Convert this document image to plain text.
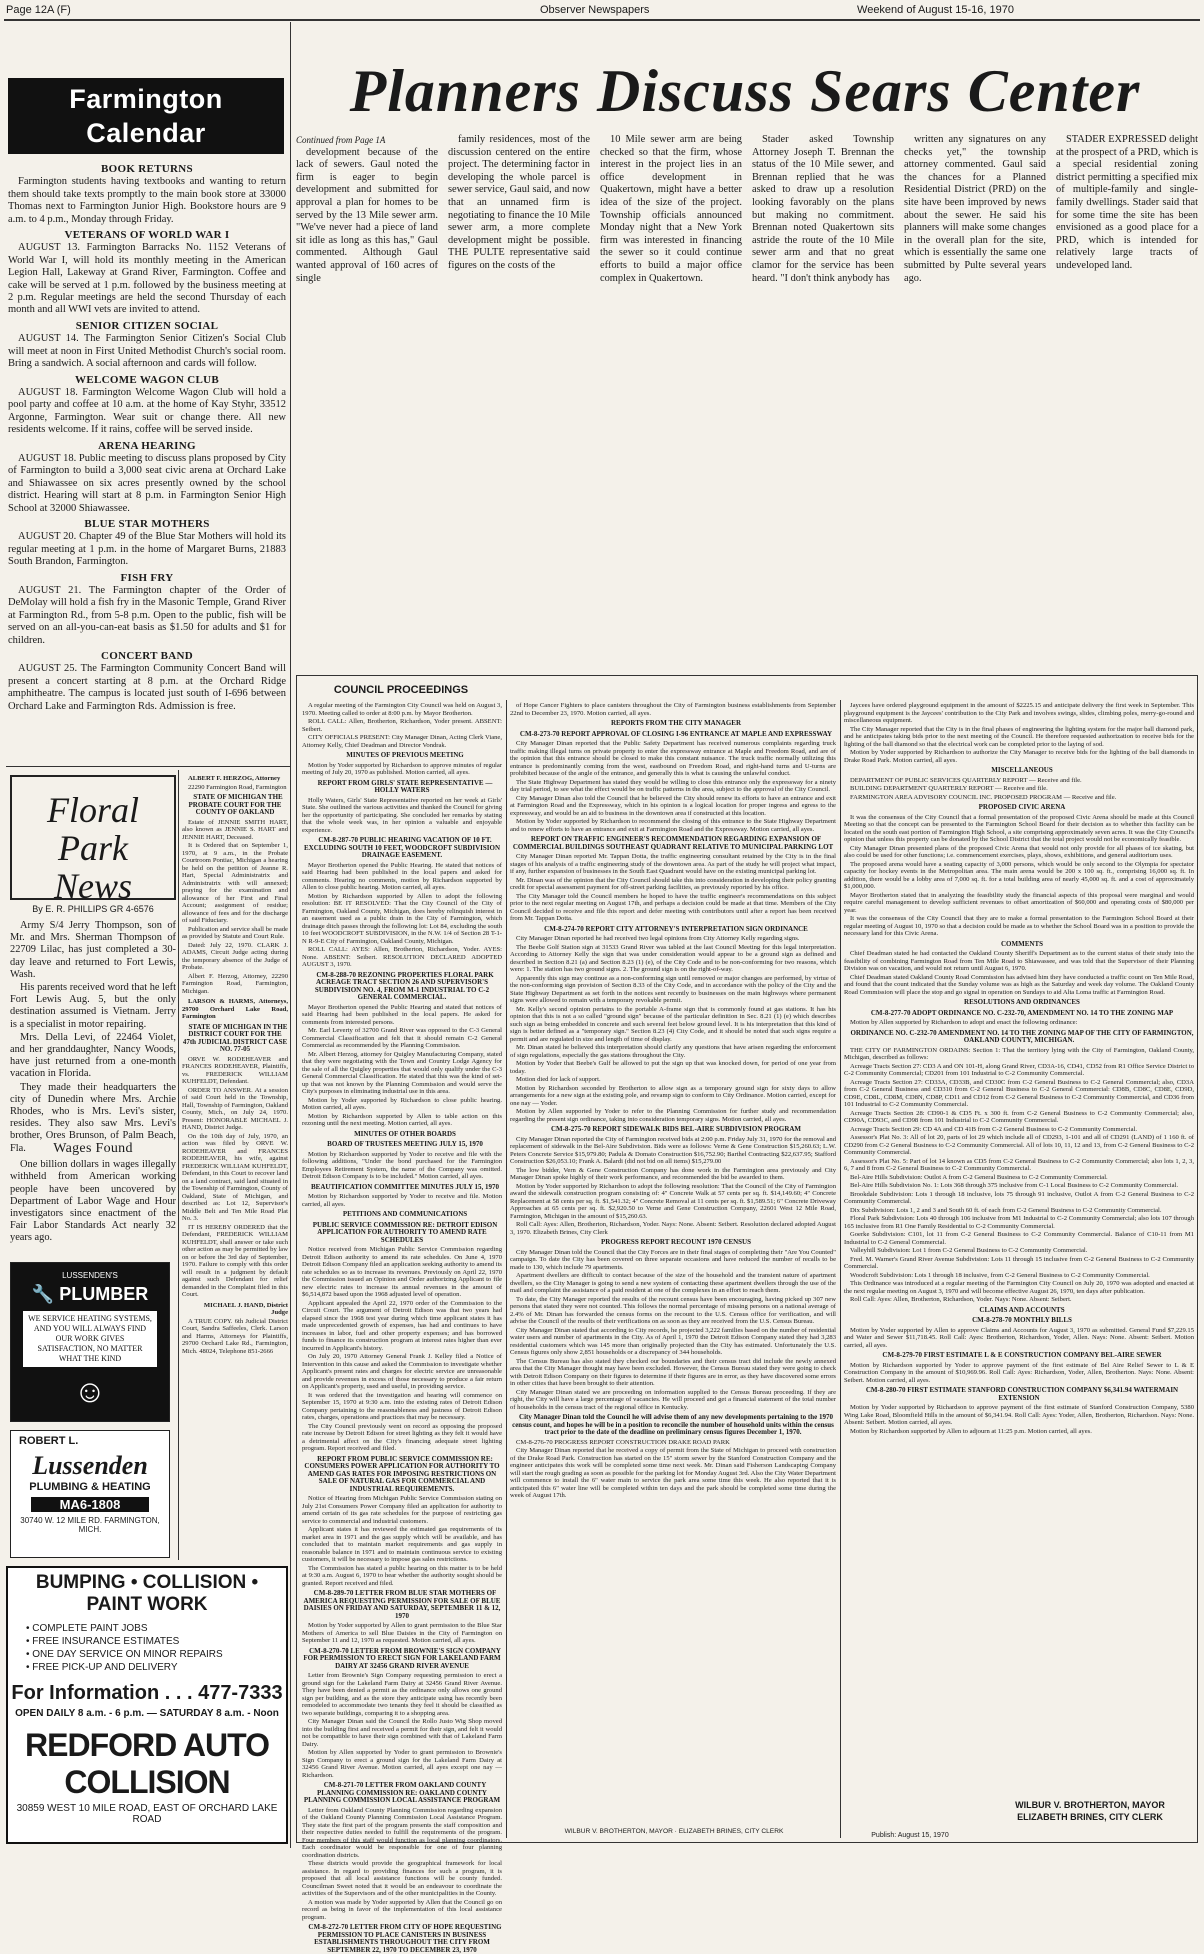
Page 12A (F)	Observer Newspapers	Weekend of August 15-16, 1970
Farmington
Calendar
BOOK RETURNS

Farmington students having textbooks and wanting to return them should take texts promptly to the main book store at 33000 Thomas next to Farmington Junior High. Bookstore hours are 9 a.m. to 4 p.m., Monday through Friday.

VETERANS OF WORLD WAR I

AUGUST 13. Farmington Barracks No. 1152 Veterans of World War I, will hold its monthly meeting in the American Legion Hall, Lakeway at Grand River, Farmington. Coffee and cake will be served at 1 p.m. followed by the business meeting at 2 p.m. Regular meetings are held the second Thursday of each month and all WWI vets are invited to attend.

SENIOR CITIZEN SOCIAL

AUGUST 14. The Farmington Senior Citizen's Social Club will meet at noon in First United Methodist Church's social room. Bring a sandwich. A social afternoon and cards will follow.

WELCOME WAGON CLUB

AUGUST 18. Farmington Welcome Wagon Club will hold a pool party and coffee at 10 a.m. at the home of Kay Styhr, 33512 Argonne, Farmington. Wear suit or change there. All new residents welcome. If it rains, coffee will be served inside.

ARENA HEARING

AUGUST 18. Public meeting to discuss plans proposed by City of Farmington to build a 3,000 seat civic arena at Orchard Lake and Shiawassee on six acres presently owned by the school district. Hearing will start at 8 p.m. in Farmington Senior High School at 32000 Shiawassee.

BLUE STAR MOTHERS

AUGUST 20. Chapter 49 of the Blue Star Mothers will hold its regular meeting at 1 p.m. in the home of Margaret Burns, 21883 South Brandon, Farmington.

FISH FRY

AUGUST 21. The Farmington chapter of the Order of DeMolay will hold a fish fry in the Masonic Temple, Grand River at Farmington Rd., from 5-8 p.m. Open to the public, fish will be served on an all-you-can-eat basis as $1.50 for adults and $1 for children.

CONCERT BAND

AUGUST 25. The Farmington Community Concert Band will present a concert starting at 8 p.m. at the Orchard Ridge amphitheatre. The campus is located just south of I-696 between Orchard Lake and Farmington Rds. Admission is free.

Floral Park
News
By E. R. PHILLIPS GR 4-6576

Army S/4 Jerry Thompson, son of Mr. and Mrs. Sherman Thompson of 22709 Lilac, has just completed a 30-day leave and returned to Fort Lewis, Wash.

His parents received word that he left Fort Lewis Aug. 5, but the only destination assumed is Vietnam. Jerry is a specialist in motor repairing.

Mrs. Della Levi, of 22464 Violet, and her granddaughter, Nancy Woods, have just returned from a one-month vacation in Florida.

They made their headquarters the city of Dunedin where Mrs. Archie Rhodes, who is Mrs. Levi's sister, resides. They also saw Mrs. Levi's brother, Ores Brunson, of Palm Beach, Fla.	Wages Found

One billion dollars in wages illegally withheld from American working people have been uncovered by Department of Labor Wage and Hour investigators since enactment of the Fair Labor Standards Act nearly 32 years ago.

ALBERT F. HERZOG, Attorney

22290 Farmington Road, Farmington

STATE OF MICHIGAN THE PROBATE COURT FOR THE COUNTY OF OAKLAND

Estate of JENNIE SMITH HART, also known as JENNIE S. HART and JENNIE HART, Deceased.

It is Ordered that on September 1, 1970, at 9 a.m., in the Probate Courtroom Pontiac, Michigan a hearing be held on the petition of Jeanne R. Hart, Special Administratrix and Administratrix with will annexed; praying for the examination and allowance of her First and Final Account; assignment of residue; allowance of fees and for the discharge of said Fiduciary.

Publication and service shall be made as provided by Statute and Court Rule.

Dated: July 22, 1970. CLARK J. ADAMS, Circuit Judge acting during the temporary absence of the Judge of Probate.

Albert F. Herzog, Attorney, 22290 Farmington Road, Farmington, Michigan.

LARSON & HARMS, Attorneys, 29700 Orchard Lake Road, Farmington

STATE OF MICHIGAN IN THE DISTRICT COURT FOR THE 47th JUDICIAL DISTRICT CASE NO. 77-05

ORVE W. RODEHEAVER and FRANCES RODEHEAVER, Plaintiffs, vs. FREDERICK WILLIAM KUHFELDT, Defendant.

ORDER TO ANSWER. At a session of said Court held in the Township, Hall, Township of Farmington, Oakland County, Mich., on July 24, 1970. Present: HONORABLE MICHAEL J. HAND, District Judge.

On the 10th day of July, 1970, an action was filed by ORVE W. RODEHEAVER and FRANCES RODEHEAVER, his wife, against FREDERICK WILLIAM KUHFELDT, Defendant, in this Court to recover land on a land contract, said land situated in the Township of Farmington, County of Oakland, State of Michigan, and described as: Lot 12, Supervisor's Middle Belt and Ten Mile Road Plat No. 3.

IT IS HEREBY ORDERED that the Defendant, FREDERICK WILLIAM KUHFELDT, shall answer or take such other action as may be permitted by law on or before the 3rd day of September, 1970. Failure to comply with this order will result in a judgment by default against such Defendant for relief demanded in the Complaint filed in this Court.

MICHAEL J. HAND, District Judge

A TRUE COPY. 6th Judicial District Court, Sandra Saffeeles, Clerk. Larson and Harms, Attorneys for Plaintiffs, 29700 Orchard Lake Rd., Farmington, Mich. 48024, Telephone 851-2666

LUSSENDEN'S
🔧 PLUMBER
WE SERVICE HEATING SYSTEMS, AND YOU WILL ALWAYS FIND OUR WORK GIVES SATISFACTION, NO MATTER WHAT THE KIND
☺
ROBERT L.
Lussenden
PLUMBING & HEATING
MA6-1808
30740 W. 12 MILE RD. FARMINGTON, MICH.
BUMPING • COLLISION • PAINT WORK
• COMPLETE PAINT JOBS
• FREE INSURANCE ESTIMATES
• ONE DAY SERVICE ON MINOR REPAIRS
• FREE PICK-UP AND DELIVERY
For Information . . . 477-7333
OPEN DAILY 8 a.m. - 6 p.m. — SATURDAY 8 a.m. - Noon
REDFORD AUTO COLLISION
30859 WEST 10 MILE ROAD, EAST OF ORCHARD LAKE ROAD
Planners Discuss Sears Center
Continued from Page 1A

development because of the lack of sewers. Gaul noted the firm is eager to begin development and submitted for approval a plan for homes to be served by the 13 Mile sewer arm. "We've never had a piece of land sit idle as long as this has," Gaul commented. Although Gaul wanted approval of 160 acres of single

family residences, most of the discussion centered on the entire project. The determining factor in developing the whole parcel is sewer service, Gaul said, and now that an unnamed firm is negotiating to finance the 10 Mile sewer arm, a more complete development might be possible. THE PULTE representative said figures on the costs of the

10 Mile sewer arm are being checked so that the firm, whose interest in the project lies in an office development in Quakertown, might have a better idea of the size of the project. Township officials announced Monday night that a New York firm was interested in financing the sewer so it could continue efforts to build a major office complex in Quakertown.

Stader asked Township Attorney Joseph T. Brennan the status of the 10 Mile sewer, and Brennan replied that he was asked to draw up a resolution looking favorably on the plans but making no commitment. Brennan noted Quakertown sits astride the route of the 10 Mile sewer arm and that no great clamor for the service has been heard. "I don't think anybody has

written any signatures on any checks yet," the township attorney commented. Gaul said the chances for a Planned Residential District (PRD) on the site have been improved by news about the sewer. He said his planners will make some changes in the overall plan for the site, which is essentially the same one submitted by Pulte several years ago.

STADER EXPRESSED delight at the prospect of a PRD, which is a special residential zoning district permitting a specified mix of multiple-family and single-family dwellings. Stader said that for some time the site has been envisioned as a good place for a PRD, which is intended for relatively large tracts of undeveloped land.

COUNCIL PROCEEDINGS

A regular meeting of the Farmington City Council was held on August 3, 1970. Meeting called to order at 8:00 p.m. by Mayor Brotherton.

ROLL CALL: Allen, Brotherton, Richardson, Yoder present. ABSENT: Seibert.

CITY OFFICIALS PRESENT: City Manager Dinan, Acting Clerk Viane, Attorney Kelly, Chief Deadman and Director Vondrak.

MINUTES OF PREVIOUS MEETING

Motion by Yoder supported by Richardson to approve minutes of regular meeting of July 20, 1970 as published. Motion carried, all ayes.

REPORT FROM GIRLS' STATE REPRESENTATIVE — HOLLY WATERS

Holly Waters, Girls' State Representative reported on her week at Girls' State. She outlined the various activities and thanked the Council for giving her the opportunity of participating. She concluded her remarks by stating that the whole week was, in her opinion a valuable and enjoyable experience.

CM-8-287-70 PUBLIC HEARING VACATION OF 10 FT. EXCLUDING SOUTH 10 FEET, WOODCROFT SUBDIVISION DRAINAGE EASEMENT.

Mayor Brotherton opened the Public Hearing. He stated that notices of said Hearing had been published in the local papers and asked for comments. Hearing no comments, motion by Richardson supported by Allen to close public hearing. Motion carried, all ayes.

Motion by Richardson supported by Allen to adopt the following resolution: BE IT RESOLVED: That the City Council of the City of Farmington, Oakland County, Michigan, does hereby relinquish interest in an easement used as a public drain in the City of Farmington, which drainage ditch passes through the following lot: Lot 84, excluding the south 10 feet WOODCROFT SUBDIVISION, in the N.W. 1/4 of Section 28 T-1-N R-9-E City of Farmington, Oakland County, Michigan.

ROLL CALL: AYES: Allen, Brotherton, Richardson, Yoder. AYES: None. ABSENT: Seibert. RESOLUTION DECLARED ADOPTED AUGUST 3, 1970.

CM-8-288-70 REZONING PROPERTIES FLORAL PARK ACREAGE TRACT SECTION 26 AND SUPERVISOR'S SUBDIVISION NO. 4, FROM M-1 INDUSTRIAL TO C-2 GENERAL COMMERCIAL.

Mayor Brotherton opened the Public Hearing and stated that notices of said Hearing had been published in the local papers. He asked for comments from interested persons.

Mr. Earl Leverty of 32700 Grand River was opposed to the C-3 General Commercial Classification and felt that it should remain C-2 General Commercial as recommended by the Planning Commission.

Mr. Albert Herzog, attorney for Quigley Manufacturing Company, stated that they were negotiating with the Town and Country Lodge Agency for the sale of all the Quigley properties that would only qualify under the C-3 General Commercial Classification. He stated that this was the kind of set-up that was not known by the Planning Commission and would serve the City's purposes in eliminating industrial use in this area.

Motion by Yoder supported by Richardson to close public hearing. Motion carried, all ayes.

Motion by Richardson supported by Allen to table action on this rezoning until the next meeting. Motion carried, all ayes.

MINUTES OF OTHER BOARDS

BOARD OF TRUSTEES MEETING JULY 15, 1970

Motion by Richardson supported by Yoder to receive and file with the following additions, "Under the bond purchased for the Farmington Employees Retirement System, the name of the Company was omitted. Detroit Edison Company is to be included." Motion carried, all ayes.

BEAUTIFICATION COMMITTEE MINUTES JULY 15, 1970

Motion by Richardson supported by Yoder to receive and file. Motion carried, all ayes.

PETITIONS AND COMMUNICATIONS

PUBLIC SERVICE COMMISSION RE: DETROIT EDISON APPLICATION FOR AUTHORITY TO AMEND RATE SCHEDULES

Notice received from Michigan Public Service Commission regarding Detroit Edison authority to amend its rate schedules. On June 4, 1970 Detroit Edison Company filed an application seeking authority to amend its rate schedules so as to increase its revenues. Previously on April 22, 1970 the Commission issued an Opinion and Order authorizing Applicant to file new electric rates to increase its annual revenues in the amount of $6,514,872 based upon the 1968 adjusted level of operation.

Applicant appealed the April 22, 1970 order of the Commission to the Circuit Court. The argument of Detroit Edison was that two years had elapsed since the 1968 test year during which time applicant states it has made unprecedented growth of expenses, has had and continues to have increases in labor, fuel and other property expenses; and has borrowed funds to finance its construction program at interest rates higher than ever incurred in Applicant's history.

On July 20, 1970 Attorney General Frank J. Kelley filed a Notice of Intervention in this cause and asked the Commission to investigate whether Applicant's present rates and charges for electric service are unreasonable and provide revenues in excess of those necessary to produce a fair return on Applicant's property, used and useful, in providing service.

It was ordered that the investigation and hearing will commence on September 15, 1970 at 9:30 a.m. into the existing rates of Detroit Edison Company pertaining to the reasonableness and justness of Detroit Edison rates, charges, operations and practices that may be necessary.

The City Council previously went on record as opposing the proposed rate increase by Detroit Edison for street lighting as they felt it would have a detrimental affect on the City's financing adequate street lighting program. Report received and filed.

REPORT FROM PUBLIC SERVICE COMMISSION RE: CONSUMERS POWER APPLICATION FOR AUTHORITY TO AMEND GAS RATES FOR IMPOSING RESTRICTIONS ON SALE OF NATURAL GAS FOR COMMERCIAL AND INDUSTRIAL REQUIREMENTS.

Notice of Hearing from Michigan Public Service Commission stating on July 21st Consumers Power Company filed an application for authority to amend certain of its gas rate schedules for the purpose of restricting gas service to commercial and industrial customers.

Applicant states it has reviewed the estimated gas requirements of its market area in 1971 and the gas supply which will be available, and has concluded that to maintain market requirements and gas supply in reasonable balance in 1971 and to maintain continuous service to existing customers, it will be necessary to impose gas sales restrictions.

The Commission has stated a public hearing on this matter is to be held at 9:30 a.m. August 6, 1970 to hear whether the authority sought should be granted. Report received and filed.

CM-8-289-70 LETTER FROM BLUE STAR MOTHERS OF AMERICA REQUESTING PERMISSION FOR SALE OF BLUE DAISIES ON FRIDAY AND SATURDAY, SEPTEMBER 11 & 12, 1970

Motion by Yoder supported by Allen to grant permission to the Blue Star Mothers of America to sell Blue Daisies in the City of Farmington on September 11 and 12, 1970 as requested. Motion carried, all ayes.

CM-8-270-70 LETTER FROM BROWNIE'S SIGN COMPANY FOR PERMISSION TO ERECT SIGN FOR LAKELAND FARM DAIRY AT 32456 GRAND RIVER AVENUE

Letter from Brownie's Sign Company requesting permission to erect a ground sign for the Lakeland Farm Dairy at 32456 Grand River Avenue. They have been denied a permit as the ordinance only allows one ground sign per building, and as the store they anticipate using has recently been remodeled to accommodate two tenants they feel it should be classified as two separate buildings, comparing it to a shopping area.

City Manager Dinan said the Council the Rollo Justo Wig Shop moved into the building first and received a permit for their sign, and felt it would not be compatible to have their sign combined with that of Lakeland Farm Dairy.

Motion by Allen supported by Yoder to grant permission to Brownie's Sign Company to erect a ground sign for the Lakeland Farm Dairy at 32456 Grand River Avenue. Motion carried, all ayes except one nay — Richardson.

CM-8-271-70 LETTER FROM OAKLAND COUNTY PLANNING COMMISSION RE: OAKLAND COUNTY PLANNING COMMISSION LOCAL ASSISTANCE PROGRAM

Letter from Oakland County Planning Commission regarding expansion of the Oakland County Planning Commission Local Assistance Program. They state the first part of the program presents the staff composition and their respective duties needed to fulfill the requirements of the program. Four members of this staff would function as local planning coordinators. Each coordinator would be responsible for one of four planning coordination districts.

These districts would provide the geographical framework for local assistance. In regard to providing finances for such a program, it is proposed that all local assistance functions will be county funded. Councilman Sweet noted that it would be an endeavour to coordinate the activities of the Supervisors and of the other municipalities in the County.

A motion was made by Yoder supported by Allen that the Council go on record as being in favor of the implementation of this local assistance program.

CM-8-272-70 LETTER FROM CITY OF HOPE REQUESTING PERMISSION TO PLACE CANISTERS IN BUSINESS ESTABLISHMENTS THROUGHOUT THE CITY FROM SEPTEMBER 22, 1970 TO DECEMBER 23, 1970

of Hope Cancer Fighters to place canisters throughout the City of Farmington business establishments from September 22nd to December 23, 1970. Motion carried, all ayes.

REPORTS FROM THE CITY MANAGER

CM-8-273-70 REPORT APPROVAL OF CLOSING I-96 ENTRANCE AT MAPLE AND EXPRESSWAY

City Manager Dinan reported that the Public Safety Department has received numerous complaints regarding truck traffic making illegal turns on private property to enter the expressway entrance at Maple and Freedom Road, and are of the opinion that this entrance should be closed to make this constant nuisance. The truck traffic normally utilizing this entrance is predominantly coming from the west, eastbound on Freedom Road, and right-hand turns and U-turns are prohibited because of the angle of the entrance, and generally this is what is causing the unlawful conduct.

The State Highway Department has stated they would be willing to close this entrance only the expressway for a ninety day trial period, to see what the effect would be on traffic patterns in the area, subject to the approval of the City Council.

City Manager Dinan also told the Council that he believed the City should renew its efforts to have an entrance and exit at Farmington Road and the Expressway, which in his opinion is a logical location for proper ingress and egress to the expressway, and would be an aid to business in the downtown area if constructed at this location.

Motion by Yoder supported by Richardson to recommend the closing of this entrance to the State Highway Department and to renew efforts to have an entrance and exit at Farmington Road and the Expressway. Motion carried, all ayes.

REPORT ON TRAFFIC ENGINEER'S RECOMMENDATION REGARDING EXPANSION OF COMMERCIAL BUILDINGS SOUTHEAST QUADRANT RELATIVE TO MUNICIPAL PARKING LOT

City Manager Dinan reported Mr. Tappan Dotta, the traffic engineering consultant retained by the City is in the final stages of his analysis of a traffic engineering study of the downtown area. As part of the study he will project what impact, if any, further expansion of businesses in the South East Quadrant would have on the existing municipal parking lot.

Mr. Dinan was of the opinion that the City Council should take this into consideration in developing their policy granting credit for special assessment payment for off-street parking facilities, as previously reported by his office.

The City Manager told the Council members he hoped to have the traffic engineer's recommendations on this subject prior to the next regular meeting on August 17th, and perhaps a decision could be made at that time. Members of the City Council decided to receive and file this report and defer meeting with contributors until after a report has been received from Mr. Tappan Dotta.

CM-8-274-70 REPORT CITY ATTORNEY'S INTERPRETATION SIGN ORDINANCE

City Manager Dinan reported he had received two legal opinions from City Attorney Kelly regarding signs.

The Beebe Golf Station sign at 31533 Grand River was tabled at the last Council Meeting for this legal interpretation. According to Attorney Kelly the sign that was under consideration would appear to be a ground sign as defined and described in Section 8.21 (a) and Section 8.23 (1) (e), of the City Code and to be non-conforming for two reasons, which were: 1. The station has two ground signs. 2. The ground sign is on the right-of-way.

Apparently this sign may continue as a non-conforming sign until removed or major changes are performed, by virtue of the non-conforming sign provision of Section 8.33 of the City Code, and in accordance with the policy of the City and the State Highway Department as set forth in the notices sent recently to businesses on the main highways where permanent signs were allowed to remain with a temporary revokable permit.

Mr. Kelly's second opinion pertains to the portable A-frame sign that is commonly found at gas stations. It has his opinion that this is not a so called "ground sign" because of the particular definition in Sec. 8.21 (1) (e) which describes such sign as being embedded in concrete and such several feet below ground level. It is his interpretation that this kind of sign is better defined as a "temporary sign." Section 8.23 (4) City Code, and it should be noted that such signs require a permit and are regulated in size and length of time of display.

Mr. Dinan stated he believed this interpretation should clarify any questions that have arisen regarding the enforcement of sign regulations, especially the gas stations throughout the City.

Motion by Yoder that Beebe's Gulf be allowed to put the sign up that was knocked down, for period of one year from today.

Motion died for lack of support.

Motion by Richardson seconded by Brotherton to allow sign as a temporary ground sign for sixty days to allow arrangements for a new sign at the existing pole, and revamp sign to conform to City Ordinance. Motion carried, except for one nay — Yoder.

Motion by Allen supported by Yoder to refer to the Planning Commission for further study and recommendation regarding the present sign ordinance, taking into consideration temporary signs. Motion carried, all ayes.

CM-8-275-70 REPORT SIDEWALK BIDS BEL-AIRE SUBDIVISION PROGRAM

City Manager Dinan reported the City of Farmington received bids at 2:00 p.m. Friday July 31, 1970 for the removal and replacement of sidewalk in the Bel-Aire Subdivision. Bids were as follows: Verne & Gene Construction $15,260.63; L.W. Peters Concrete Service $15,979.80; Padula & Domato Construction $16,752.90; Barthel Contracting $22,637.95; Stafford Construction $26,053.10; Frank A. Balardi (did not bid on all items) $15,279.00

The low bidder, Vern & Gene Construction Company has done work in the Farmington area previously and City Manager Dinan spoke highly of their work performance, and recommended the bid be awarded to them.

Motion by Yoder supported by Richardson to adopt the following resolution: That the Council of the City of Farmington award the sidewalk construction program consisting of: 4" Concrete Walk at 57 cents per sq. ft. $14,149.60; 4" Concrete Replacement at 58 cents per sq. ft. $1,541.32; 4" Concrete Removal at 11 cents per sq. ft. $1,589.51; 6" Concrete Driveway Approaches at 65 cents per sq. ft. $2,920.50 to Verne and Gene Construction Company, 22601 West 12 Mile Road, Farmington, Michigan in the amount of $15,260.63.

Roll Call: Ayes: Allen, Brotherton, Richardson, Yoder. Nays: None. Absent: Seibert. Resolution declared adopted August 3, 1970. Elizabeth Brines, City Clerk

PROGRESS REPORT RECOUNT 1970 CENSUS

City Manager Dinan told the Council that the City Forces are in their final stages of completing their "Are You Counted" campaign. To date the City has been covered on three separate occasions and have reduced the number of recalls to be made to 130, which include 79 apartments.

Apartment dwellers are difficult to contact because of the size of the household and the transient nature of apartment dwellers, so the City Manager is going to send a new system of contacting these apartment dwellers through the use of the mail and complaint the assistance of a paid resident at one of the complexes in an effort to reach them.

To date, the City Manager reported the results of the recount census have been encouraging, having picked up 307 new persons that stated they were not counted. This follows the normal percentage of missing persons on a national average of 2.4% of Mr. Dinan has forwarded the census forms on the recount to the U.S. Census office for verification, and will advise the Council of the results of their verifications on as soon as they are received from the U.S. Census Bureau.

City Manager Dinan stated that according to City records, he projected 3,222 families based on the number of residential water users and number of apartments in the City. As of April 1, 1970 the Detroit Edison Company stated they had 3,283 residential customers which was 145 more than originally projected than the City has estimated. Unfortunately the U.S. Census figures only show 2,851 households or a discrepancy of 344 households.

The Census Bureau has also stated they checked our boundaries and their census tract did include the newly annexed area that the City Manager thought may have been excluded. However, the Census Bureau stated they were going to check with Detroit Edison Company on their figures to determine if their figures are in error, as they have discovered some errors in other cities that have been brought to their attention.

City Manager Dinan stated we are proceeding on information supplied to the Census Bureau proceeding. If they are right, the City will have a large percentage of vacancies. He will proceed and get a financial statement of the total number of households in the census tract of the regional office in Kentucky.

City Manager Dinan told the Council he will advise them of any new developments pertaining to the 1970 census count, and hopes he will be in a position to reconcile the number of household units within the census tract prior to the date of the deadline on preliminary census figures December 1, 1970.

CM-8-276-70 PROGRESS REPORT CONSTRUCTION DRAKE ROAD PARK

City Manager Dinan reported that he received a copy of permit from the State of Michigan to proceed with construction of the Drake Road Park. Construction has started on the 15" storm sewer by the Stanford Construction Company and the engineer anticipates this work will be completed some time next week. Mr. Dinan said Fisherson Landscaping Company will start the rough grading as soon as possible for the parking lot for Monday August 3rd. Also the City Water Department will commence to install the 6" water main to service the park area some time this week. He also reported that it is anticipated this 6" water line will be completed within ten days and the park should be completed some time during the week of August 17th.

Jaycees have ordered playground equipment in the amount of $2225.15 and anticipate delivery the first week in September. This playground equipment is the Jaycees' contribution to the City Park and involves swings, slides, climbing poles, merry-go-round and miscellaneous equipment.

The City Manager reported that the City is in the final phases of engineering the lighting system for the major ball diamond park, and he anticipates taking bids prior to the next meeting of the Council. He therefore requested authorization to receive bids for the lighting of the ball diamond so that the electrical work can be completed prior to the laying of sod.

Motion by Yoder supported by Richardson to authorize the City Manager to receive bids for the lighting of the ball diamonds in Drake Road Park. Motion carried, all ayes.

MISCELLANEOUS

DEPARTMENT OF PUBLIC SERVICES QUARTERLY REPORT — Receive and file.

BUILDING DEPARTMENT QUARTERLY REPORT — Receive and file.

FARMINGTON AREA ADVISORY COUNCIL INC. PROPOSED PROGRAM — Receive and file.

PROPOSED CIVIC ARENA

It was the consensus of the City Council that a formal presentation of the proposed Civic Arena should be made at this Council Meeting so that the concept can be presented to the Farmington School Board for their decision as to whether this facility can be located on the south east portion of Farmington High School, a site comprising approximately seven acres. It was the City Council's opinion that unless this property can be donated by the School District that the total project would not be economically feasible.

City Manager Dinan presented plans of the proposed Civic Arena that would not only provide for all phases of ice skating, but also could be used for other functions; i.e. commencement exercises, plays, shows, exhibitions, and general auditorium uses.

The proposed arena would have a seating capacity of 3,000 persons, which would be only second to the Olympia for spectator capacity for hockey events in the Metropolitan area. The main arena would be 200 x 100 sq. ft., comprising 16,000 sq. ft. In addition, there would be a lobby area of 7,000 sq. ft. for a total building area of nearly 45,000 sq. ft. and a cost of approximately $1,000,000.

Mayor Brotherton stated that in analyzing the feasibility study the financial aspects of this proposal were marginal and would require careful management to develop sufficient revenues to offset amortization of $60,000 and operating costs of $80,000 per year.

It was the consensus of the City Council that they are to make a formal presentation to the Farmington School Board at their regular meeting of August 10, 1970 so that a decision could be made as to whether the School Board was in a position to provide the necessary land for this Civic Arena.

COMMENTS

Chief Deadman stated he had contacted the Oakland County Sheriff's Department as to the current status of their study into the feasibility of combining Farmington Road from Ten Mile Road to Shiawassee, and was told that the Supervisor of their Planning Division was on vacation, and would not return until August 6, 1970.

Chief Deadman stated Oakland County Road Commission has advised him they have conducted a traffic count on Ten Mile Road, and found that the count indicated that the Sunday volume was as high as the Saturday and week day volume. The Oakland County Road Commission will place the stop and go signal in operation on Sundays to aid Alta Loma traffic at Farmington Road.

RESOLUTIONS AND ORDINANCES

CM-8-277-70 ADOPT ORDINANCE NO. C-232-70, AMENDMENT NO. 14 TO THE ZONING MAP

Motion by Allen supported by Richardson to adopt and enact the following ordinance:

ORDINANCE NO. C-232-70 AMENDMENT NO. 14 TO THE ZONING MAP OF THE CITY OF FARMINGTON, OAKLAND COUNTY, MICHIGAN.

THE CITY OF FARMINGTON ORDAINS: Section 1: That the territory lying with the City of Farmington, Oakland County, Michigan, described as follows:

Acreage Tracts Section 27: CD3 A and ON 101-H, along Grand River, CD3A-16, CD41, CD52 from R1 Office Service District to C-2 Community Commercial; CD201 from 101 Industrial to C-2 Community Commercial.

Acreage Tracts Section 27: CD33A, CD33B, and CD30C from C-2 General Business to C-2 General Commercial; also, CD3A from C-2 General Business and CD310 from C-2 General Business to C-2 General Commercial: CD8B, CD8C, CD8E, CD9D, CD9E, CD8L, CD8M, CD8N, CD8P, CD11 and CD12 from C-2 General Business to C-2 Community Commercial, and CD36 from 101 Industrial to C-2 Community Commercial.

Acreage Tracts Section 28: CD90-1 & CD5 Ft. x 300 ft. from C-2 General Business to C-2 Community Commercial; also, CD90A, CD93C, and CD98 from 101 Industrial to C-2 Community Commercial.

Acreage Tracts Section 29: CD 4A and CD 41B from C-2 General Business to C-2 Community Commercial.

Assessor's Plat No. 3: All of lot 20, parts of lot 29 which include all of CD293, 1-101 and all of CD291 (LAND) of 1 160 ft. of CD290 from C-2 General Business to C-2 Community Commercial. All of lots 10, 11, 12 and 13, from C-2 General Business to C-2 Community Commercial.

Assessor's Plat No. 5: Part of lot 14 known as CD5 from C-2 General Business to C-2 Community Commercial; also lots 1, 2, 3, 6, 7 and 8 from C-2 General Business to C-2 Community Commercial.

Bel-Aire Hills Subdivision: Outlot A from C-2 General Business to C-2 Community Commercial.

Bel-Aire Hills Subdivision No. 1: Lots 368 through 375 inclusive from C-1 Local Business to C-2 Community Commercial.

Brookdale Subdivision: Lots 1 through 18 inclusive, lots 75 through 91 inclusive, Outlot A from C-2 General Business to C-2 Community Commercial.

Dix Subdivision: Lots 1, 2 and 3 and South 60 ft. of each from C-2 General Business to C-2 Community Commercial.

Floral Park Subdivision: Lots 40 through 106 inclusive from M1 Industrial to C-2 Community Commercial; also lots 107 through 165 inclusive from R1 One Family Residential to C-2 Community Commercial.

Goerke Subdivision: C101, lot 11 from C-2 General Business to C-2 Community Commercial. Balance of C10-11 from M1 Industrial to C-2 General Commercial.

Valleyhill Subdivision: Lot 1 from C-2 General Business to C-2 Community Commercial.

Fred. M. Warner's Grand River Avenue Subdivision: Lots 11 through 15 inclusive from C-2 General Business to C-2 Community Commercial.

Woodcroft Subdivision: Lots 1 through 18 inclusive, from C-2 General Business to C-2 Community Commercial.

This Ordinance was introduced at a regular meeting of the Farmington City Council on July 20, 1970 was adopted and enacted at the next regular meeting on August 3, 1970 and will become effective August 26, 1970, ten days after publication.

Roll Call: Ayes: Allen, Brotherton, Richardson, Yoder. Nays: None. Absent: Seibert.

CLAIMS AND ACCOUNTS

CM-8-278-70 MONTHLY BILLS

Motion by Yoder supported by Allen to approve Claims and Accounts for August 3, 1970 as submitted. General Fund $7,229.15 and Water and Sewer $11,718.45. Roll Call: Ayes: Brotherton, Richardson, Yoder, Allen. Nays: None. Absent: Seibert. Motion carried, all ayes.

CM-8-279-70 FIRST ESTIMATE L & E CONSTRUCTION COMPANY BEL-AIRE SEWER

Motion by Richardson supported by Yoder to approve payment of the first estimate of Bel Aire Relief Sewer to L & E Construction Company in the amount of $10,969.96. Roll Call: Ayes: Richardson, Yoder, Allen, Brotherton. Nays: None. Absent: Seibert. Motion carried, all ayes.

CM-8-280-70 FIRST ESTIMATE STANFORD CONSTRUCTION COMPANY $6,341.94 WATERMAIN EXTENSION

Motion by Yoder supported by Richardson to approve payment of the first estimate of Stanford Construction Company, 5380 Wing Lake Road, Bloomfield Hills in the amount of $6,341.94. Roll Call: Ayes: Yoder, Allen, Brotherton, Richardson. Nays: None. Absent: Seibert. Motion carried, all ayes.

Motion by Richardson supported by Allen to adjourn at 11:25 p.m. Motion carried, all ayes.

WILBUR V. BROTHERTON, MAYOR · ELIZABETH BRINES, CITY CLERK
WILBUR V. BROTHERTON, MAYOR
ELIZABETH BRINES, CITY CLERK
Publish: August 15, 1970
